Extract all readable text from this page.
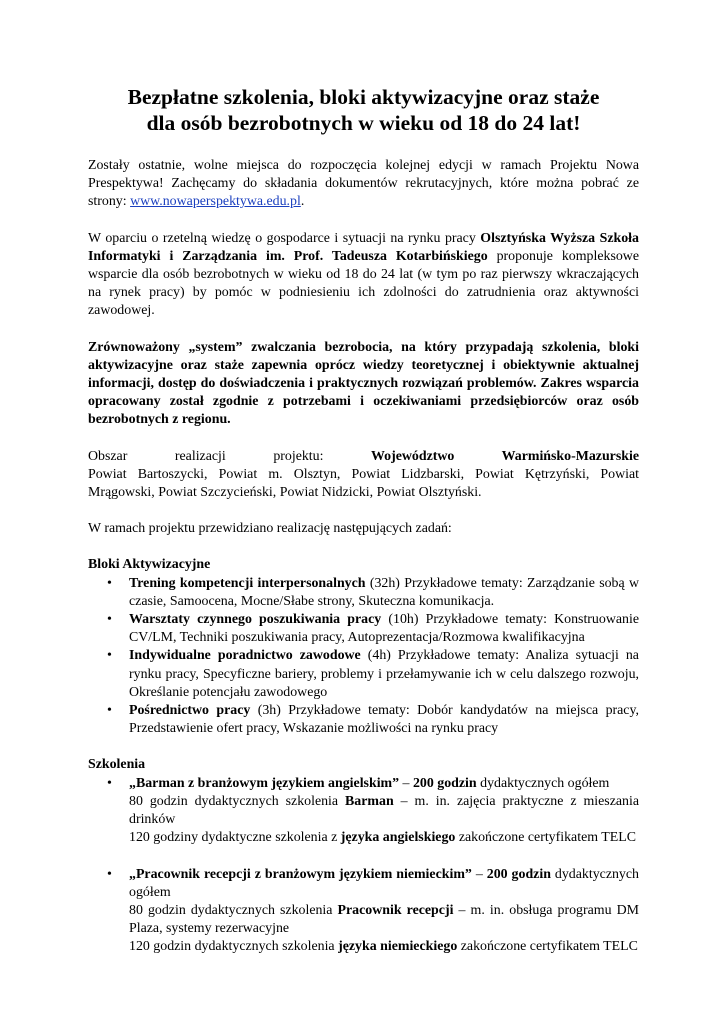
Bezpłatne szkolenia, bloki aktywizacyjne oraz staże
dla osób bezrobotnych w wieku od 18 do 24 lat!

Zostały ostatnie, wolne miejsca do rozpoczęcia kolejnej edycji w ramach Projektu Nowa Prespektywa! Zachęcamy do składania dokumentów rekrutacyjnych, które można pobrać ze strony: www.nowaperspektywa.edu.pl.

W oparciu o rzetelną wiedzę o gospodarce i sytuacji na rynku pracy Olsztyńska Wyższa Szkoła Informatyki i Zarządzania im. Prof. Tadeusza Kotarbińskiego proponuje kompleksowe wsparcie dla osób bezrobotnych w wieku od 18 do 24 lat (w tym po raz pierwszy wkraczających na rynek pracy) by pomóc w podniesieniu ich zdolności do zatrudnienia oraz aktywności zawodowej.

Zrównoważony „system” zwalczania bezrobocia, na który przypadają szkolenia, bloki aktywizacyjne oraz staże zapewnia oprócz wiedzy teoretycznej i obiektywnie aktualnej informacji, dostęp do doświadczenia i praktycznych rozwiązań problemów. Zakres wsparcia opracowany został zgodnie z potrzebami i oczekiwaniami przedsiębiorców oraz osób bezrobotnych z regionu.

Obszar realizacji projektu: Województwo Warmińsko-Mazurskie
Powiat Bartoszycki, Powiat m. Olsztyn, Powiat Lidzbarski, Powiat Kętrzyński, Powiat Mrągowski, Powiat Szczycieński, Powiat Nidzicki, Powiat Olsztyński.

W ramach projektu przewidziano realizację następujących zadań:

Bloki Aktywizacyjne

• Trening kompetencji interpersonalnych (32h) Przykładowe tematy: Zarządzanie sobą w czasie, Samoocena, Mocne/Słabe strony, Skuteczna komunikacja.
• Warsztaty czynnego poszukiwania pracy (10h) Przykładowe tematy: Konstruowanie CV/LM, Techniki poszukiwania pracy, Autoprezentacja/Rozmowa kwalifikacyjna
• Indywidualne poradnictwo zawodowe (4h) Przykładowe tematy: Analiza sytuacji na rynku pracy, Specyficzne bariery, problemy i przełamywanie ich w celu dalszego rozwoju, Określanie potencjału zawodowego
• Pośrednictwo pracy (3h) Przykładowe tematy: Dobór kandydatów na miejsca pracy, Przedstawienie ofert pracy, Wskazanie możliwości na rynku pracy

Szkolenia

• „Barman z branżowym językiem angielskim” – 200 godzin dydaktycznych ogółem
80 godzin dydaktycznych szkolenia Barman – m. in. zajęcia praktyczne z mieszania drinków
120 godziny dydaktyczne szkolenia z języka angielskiego zakończone certyfikatem TELC
• „Pracownik recepcji z branżowym językiem niemieckim” – 200 godzin dydaktycznych ogółem
80 godzin dydaktycznych szkolenia Pracownik recepcji – m. in. obsługa programu DM Plaza, systemy rezerwacyjne
120 godzin dydaktycznych szkolenia języka niemieckiego zakończone certyfikatem TELC
